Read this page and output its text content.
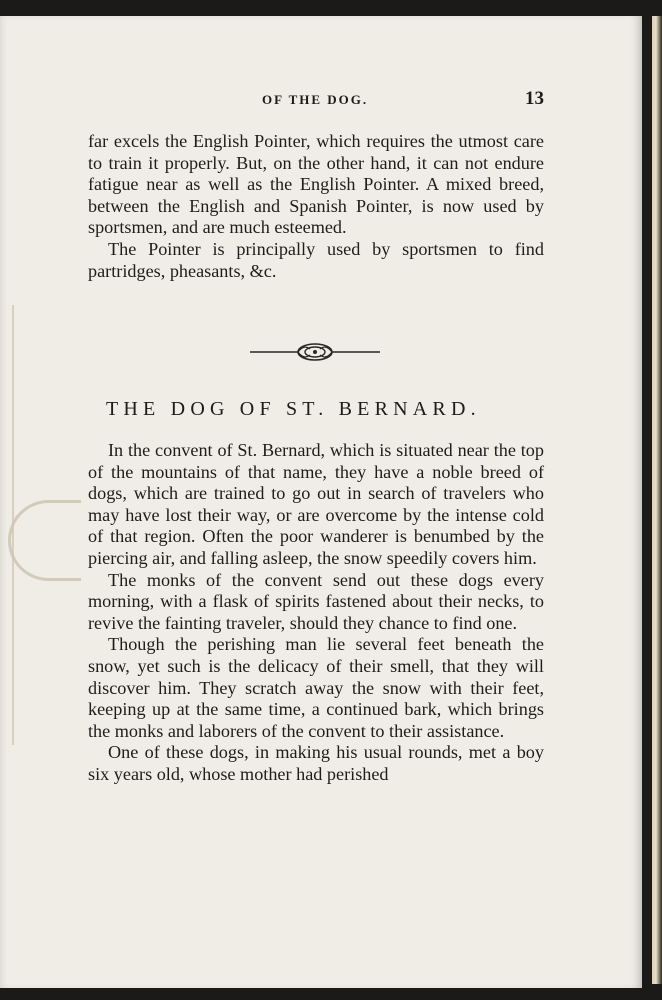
OF THE DOG.	13

far excels the English Pointer, which requires the utmost care to train it properly. But, on the other hand, it can not endure fatigue near as well as the English Pointer. A mixed breed, between the English and Spanish Pointer, is now used by sportsmen, and are much esteemed.

The Pointer is principally used by sportsmen to find partridges, pheasants, &c.

THE DOG OF ST. BERNARD.

In the convent of St. Bernard, which is situated near the top of the mountains of that name, they have a noble breed of dogs, which are trained to go out in search of travelers who may have lost their way, or are overcome by the intense cold of that region. Often the poor wanderer is benumbed by the piercing air, and falling asleep, the snow speedily covers him.

The monks of the convent send out these dogs every morning, with a flask of spirits fastened about their necks, to revive the fainting traveler, should they chance to find one.

Though the perishing man lie several feet beneath the snow, yet such is the delicacy of their smell, that they will discover him. They scratch away the snow with their feet, keeping up at the same time, a continued bark, which brings the monks and laborers of the convent to their assistance.

One of these dogs, in making his usual rounds, met a boy six years old, whose mother had perished
